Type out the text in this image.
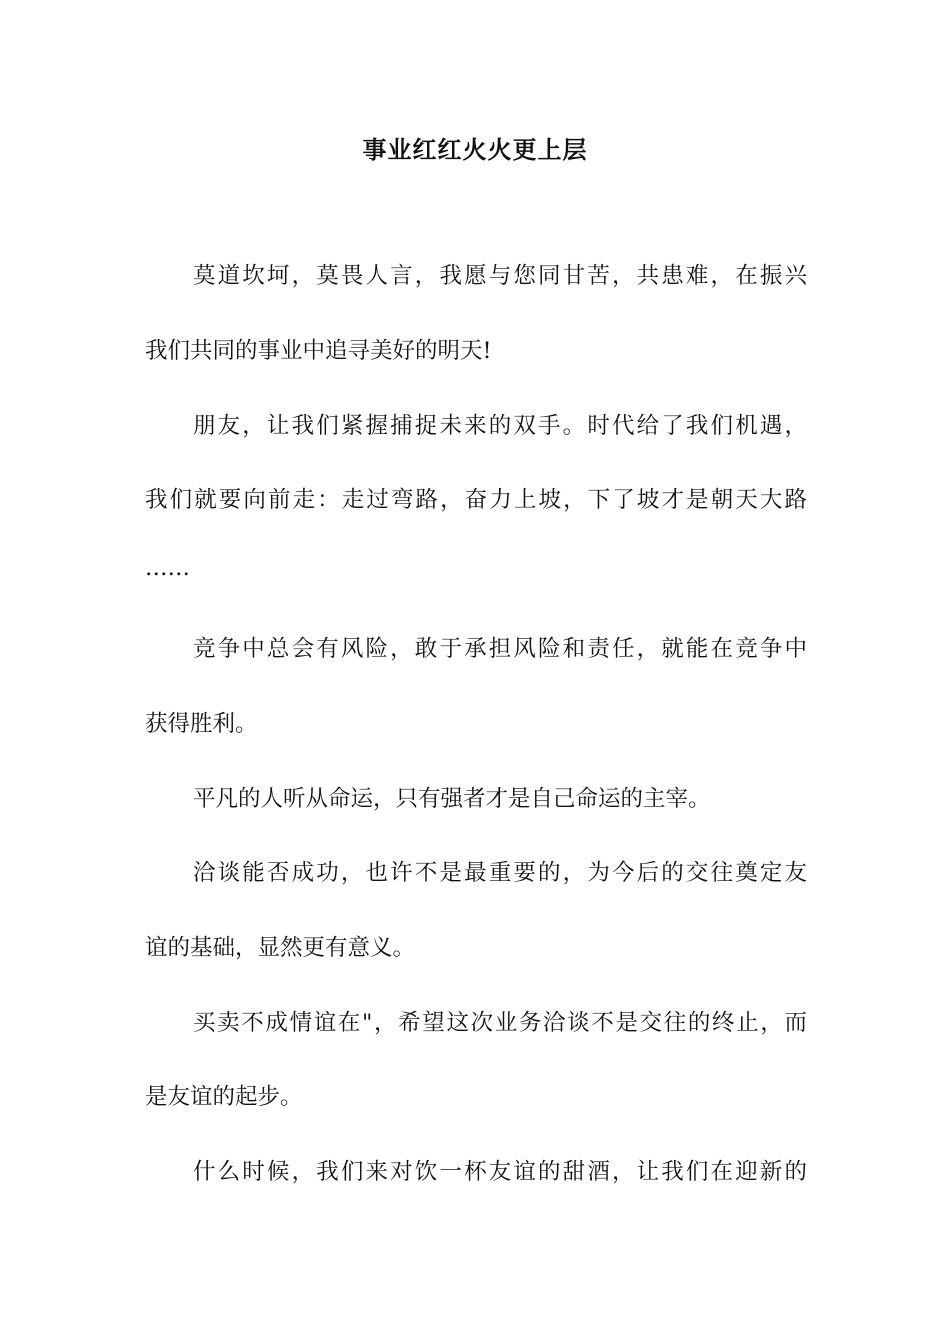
事业红红火火更上层
莫道坎坷，莫畏人言，我愿与您同甘苦，共患难，在振兴
我们共同的事业中追寻美好的明天!
朋友，让我们紧握捕捉未来的双手。时代给了我们机遇，
我们就要向前走：走过弯路，奋力上坡，下了坡才是朝天大路
……
竞争中总会有风险，敢于承担风险和责任，就能在竞争中
获得胜利。
平凡的人听从命运，只有强者才是自己命运的主宰。
洽谈能否成功，也许不是最重要的，为今后的交往奠定友
谊的基础，显然更有意义。
买卖不成情谊在"，希望这次业务洽谈不是交往的终止，而
是友谊的起步。
什么时候，我们来对饮一杯友谊的甜酒，让我们在迎新的
